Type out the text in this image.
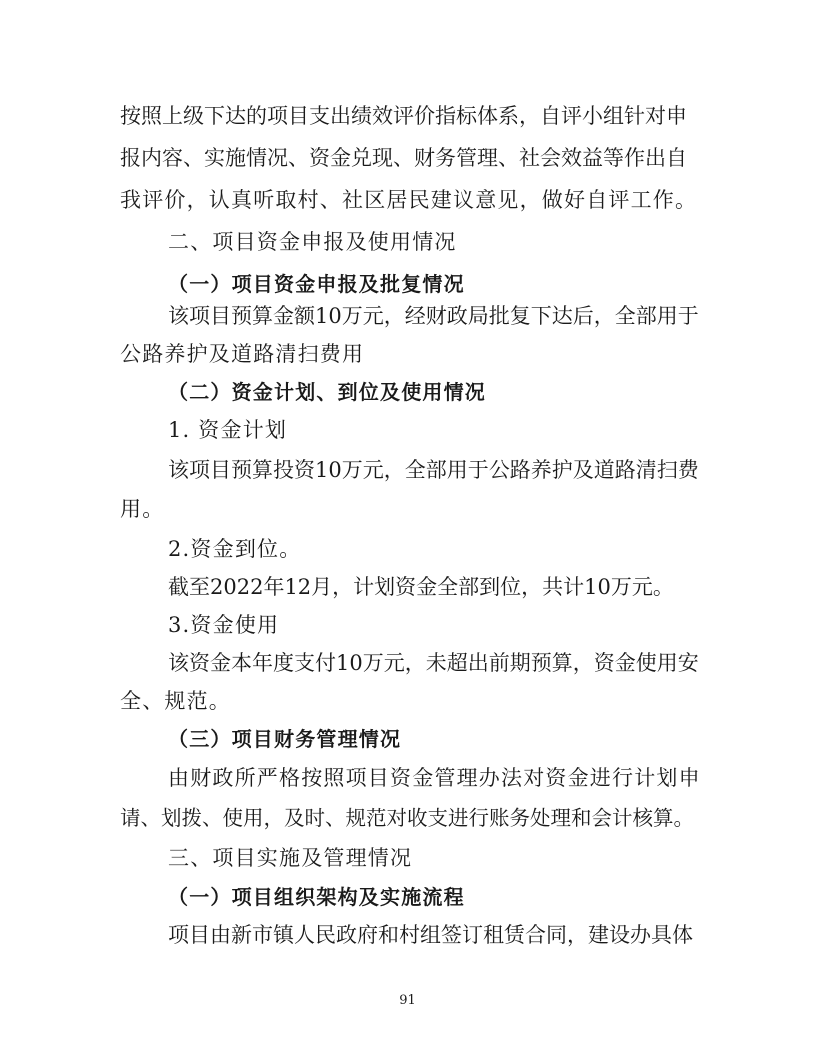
按照上级下达的项目支出绩效评价指标体系，自评小组针对申
报内容、实施情况、资金兑现、财务管理、社会效益等作出自
我评价，认真听取村、社区居民建议意见，做好自评工作。
二、项目资金申报及使用情况
（一）项目资金申报及批复情况
该项目预算金额10万元，经财政局批复下达后，全部用于
公路养护及道路清扫费用
（二）资金计划、到位及使用情况
1. 资金计划
该项目预算投资10万元，全部用于公路养护及道路清扫费
用。
2.资金到位。
截至2022年12月，计划资金全部到位，共计10万元。
3.资金使用
该资金本年度支付10万元，未超出前期预算，资金使用安
全、规范。
（三）项目财务管理情况
由财政所严格按照项目资金管理办法对资金进行计划申
请、划拨、使用，及时、规范对收支进行账务处理和会计核算。
三、项目实施及管理情况
（一）项目组织架构及实施流程
项目由新市镇人民政府和村组签订租赁合同，建设办具体
91
